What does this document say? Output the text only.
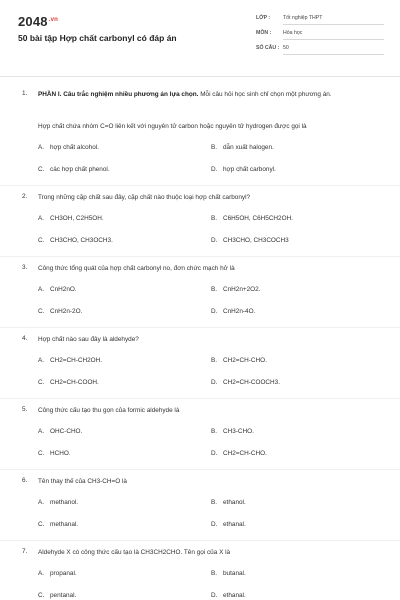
$2048^{.vn}$
50 bài tập Hợp chất carbonyl có đáp án
LỚP : Tốt nghiệp THPT
MÔN : Hóa học
SỐ CÂU : 50
1. PHẦN I. Câu trắc nghiệm nhiều phương án lựa chọn. Mỗi câu hỏi học sinh chỉ chọn một phương án.
Hợp chất chứa nhóm C=O liên kết với nguyên tử carbon hoặc nguyên tử hydrogen được gọi là
A. hợp chất alcohol.	B. dẫn xuất halogen.
C. các hợp chất phenol.	D. hợp chất carbonyl.
2. Trong những cặp chất sau đây, cặp chất nào thuộc loại hợp chất carbonyl?
A. CH3OH, C2H5OH.	B. C6H5OH, C6H5CH2OH.
C. CH3CHO, CH3OCH3.	D. CH3CHO, CH3COCH3
3. Công thức tổng quát của hợp chất carbonyl no, đơn chức mạch hở là
A. CnH2nO.	B. CnH2n+2O2.
C. CnH2n-2O.	D. CnH2n-4O.
4. Hợp chất nào sau đây là aldehyde?
A. CH2=CH-CH2OH.	B. CH2=CH-CHO.
C. CH2=CH-COOH.	D. CH2=CH-COOCH3.
5. Công thức cấu tạo thu gọn của formic aldehyde là
A. OHC-CHO.	B. CH3-CHO.
C. HCHO.	D. CH2=CH-CHO.
6. Tên thay thế của CH3-CH=O là
A. methanol.	B. ethanol.
C. methanal.	D. ethanal.
7. Aldehyde X có công thức cấu tạo là CH3CH2CHO. Tên gọi của X là
A. propanal.	B. butanal.
C. pentanal.	D. ethanal.
